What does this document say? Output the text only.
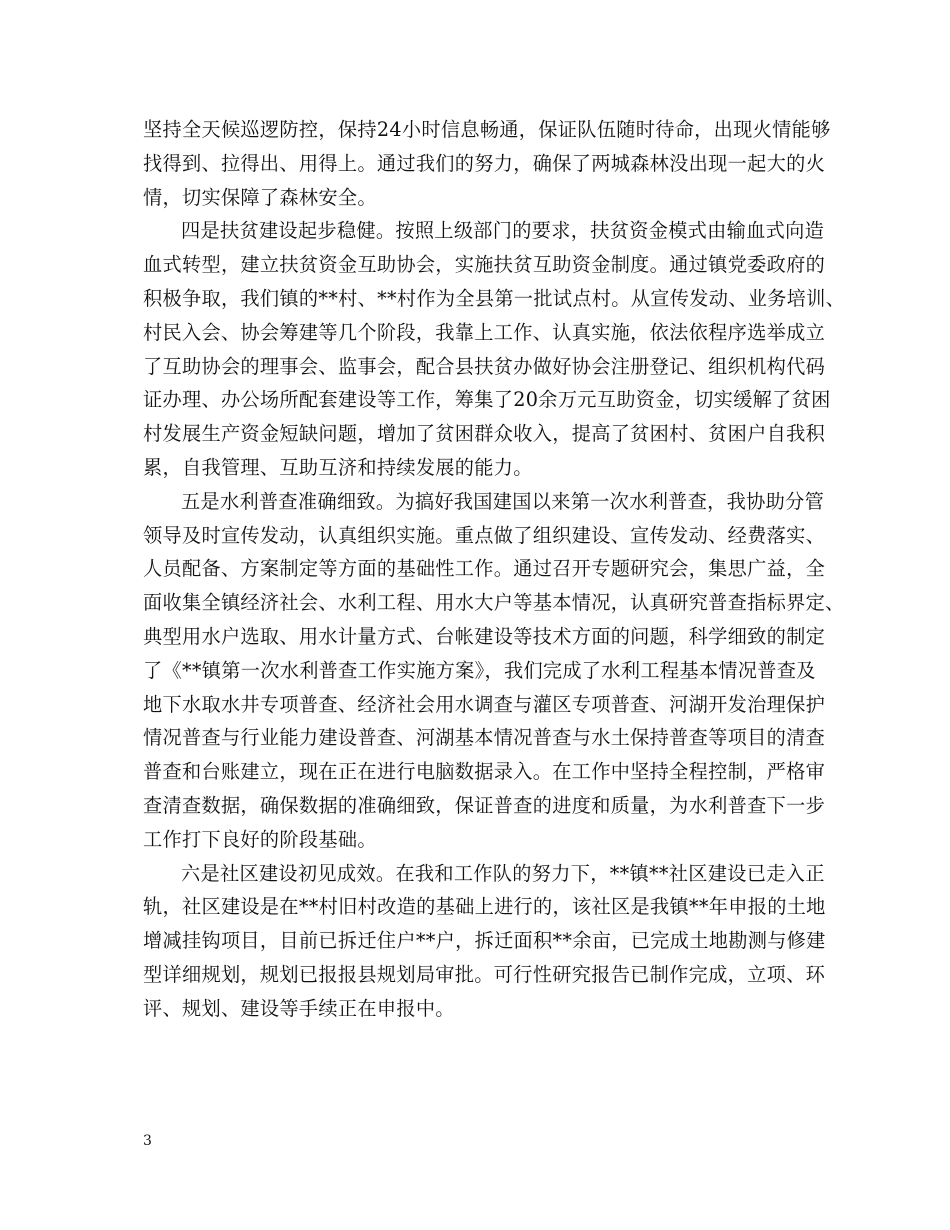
坚持全天候巡逻防控，保持24小时信息畅通，保证队伍随时待命，出现火情能够
找得到、拉得出、用得上。通过我们的努力，确保了两城森林没出现一起大的火
情，切实保障了森林安全。

四是扶贫建设起步稳健。按照上级部门的要求，扶贫资金模式由输血式向造
血式转型，建立扶贫资金互助协会，实施扶贫互助资金制度。通过镇党委政府的
积极争取，我们镇的**村、**村作为全县第一批试点村。从宣传发动、业务培训、
村民入会、协会筹建等几个阶段，我靠上工作、认真实施，依法依程序选举成立
了互助协会的理事会、监事会，配合县扶贫办做好协会注册登记、组织机构代码
证办理、办公场所配套建设等工作，筹集了20余万元互助资金，切实缓解了贫困
村发展生产资金短缺问题，增加了贫困群众收入，提高了贫困村、贫困户自我积
累，自我管理、互助互济和持续发展的能力。

五是水利普查准确细致。为搞好我国建国以来第一次水利普查，我协助分管
领导及时宣传发动，认真组织实施。重点做了组织建设、宣传发动、经费落实、
人员配备、方案制定等方面的基础性工作。通过召开专题研究会，集思广益，全
面收集全镇经济社会、水利工程、用水大户等基本情况，认真研究普查指标界定、
典型用水户选取、用水计量方式、台帐建设等技术方面的问题，科学细致的制定
了《**镇第一次水利普查工作实施方案》，我们完成了水利工程基本情况普查及
地下水取水井专项普查、经济社会用水调查与灌区专项普查、河湖开发治理保护
情况普查与行业能力建设普查、河湖基本情况普查与水土保持普查等项目的清查
普查和台账建立，现在正在进行电脑数据录入。在工作中坚持全程控制，严格审
查清查数据，确保数据的准确细致，保证普查的进度和质量，为水利普查下一步
工作打下良好的阶段基础。

六是社区建设初见成效。在我和工作队的努力下，**镇**社区建设已走入正
轨，社区建设是在**村旧村改造的基础上进行的，该社区是我镇**年申报的土地
增减挂钩项目，目前已拆迁住户**户，拆迁面积**余亩，已完成土地勘测与修建
型详细规划，规划已报报县规划局审批。可行性研究报告已制作完成，立项、环
评、规划、建设等手续正在申报中。

3
